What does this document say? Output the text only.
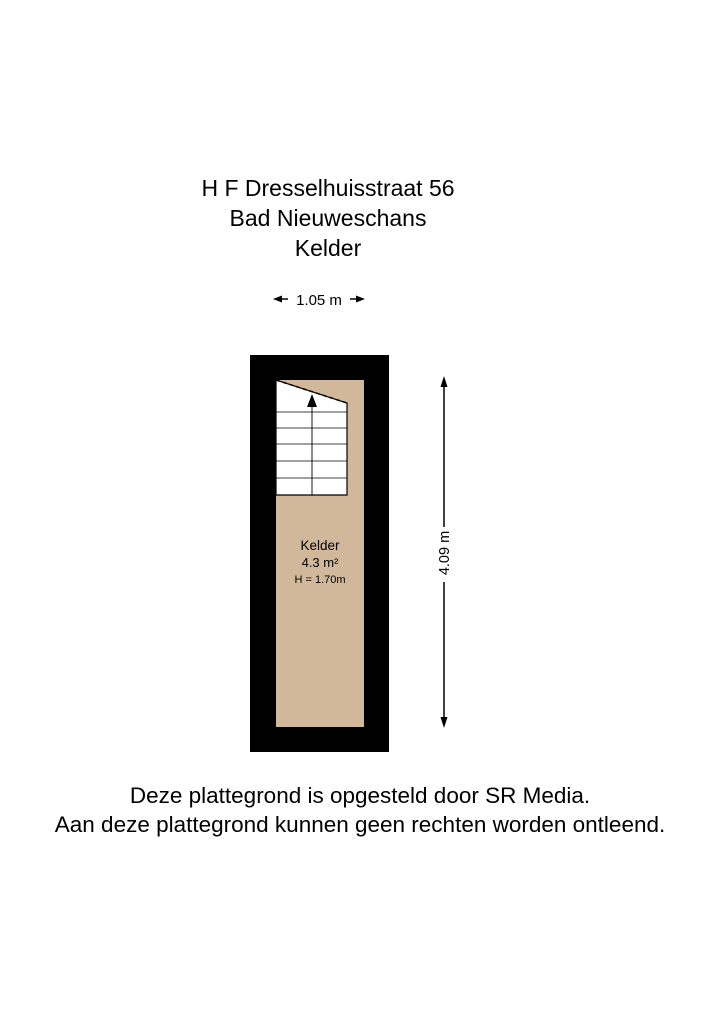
H F Dresselhuisstraat 56
Bad Nieuweschans
Kelder
1.05 m
Kelder
4.3 m²
H = 1.70m
4.09 m
Deze plattegrond is opgesteld door SR Media.
Aan deze plattegrond kunnen geen rechten worden ontleend.
